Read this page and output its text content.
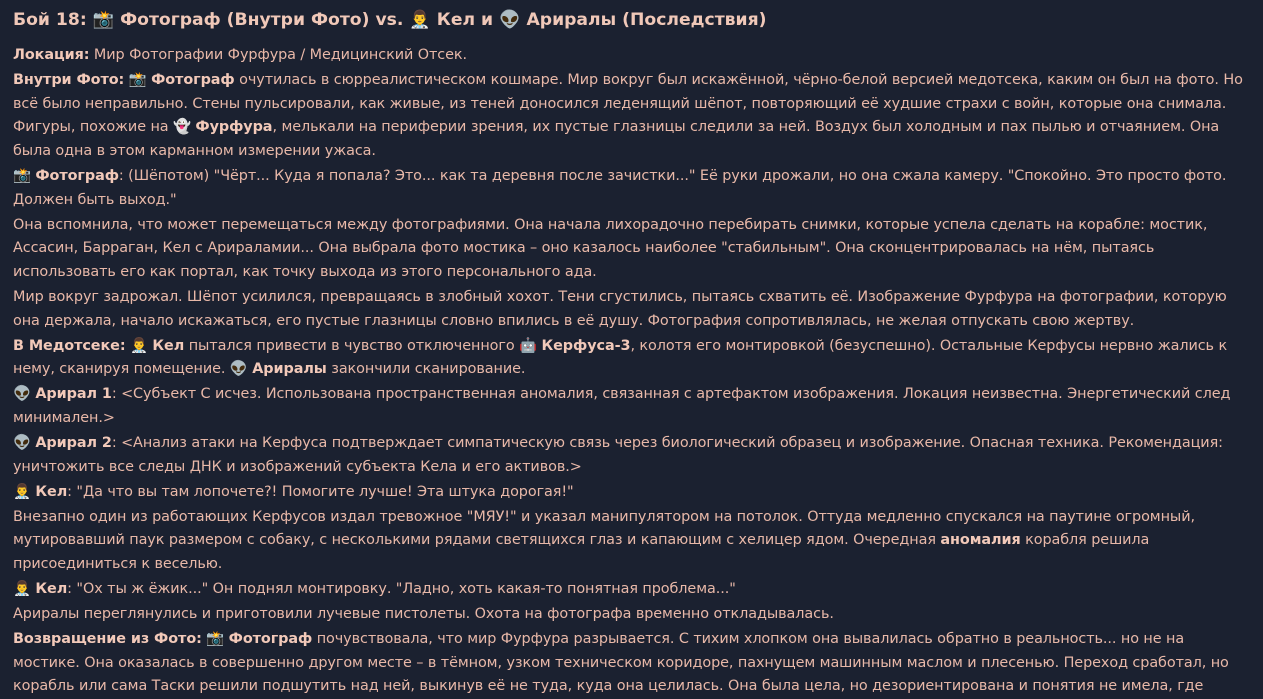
Бой 18: 📸 Фотограф (Внутри Фото) vs. 👨‍⚕️ Кел и 👽 Арирaлы (Последствия)

Локация: Мир Фотографии Фурфура / Медицинский Отсек.

Внутри Фото: 📸 Фотограф очутилась в сюрреалистическом кошмаре. Мир вокруг был искажённой, чёрно-белой версией медотсека, каким он был на фото. Но всё было неправильно. Стены пульсировали, как живые, из теней доносился леденящий шёпот, повторяющий её худшие страхи с войн, которые она снимала. Фигуры, похожие на 👻 Фурфура, мелькали на периферии зрения, их пустые глазницы следили за ней. Воздух был холодным и пах пылью и отчаянием. Она была одна в этом карманном измерении ужаса.

📸 Фотограф: (Шёпотом) "Чёрт... Куда я попала? Это... как та деревня после зачистки..." Её руки дрожали, но она сжала камеру. "Спокойно. Это просто фото. Должен быть выход."

Она вспомнила, что может перемещаться между фотографиями. Она начала лихорадочно перебирать снимки, которые успела сделать на корабле: мостик, Ассасин, Барраган, Кел с Арираламии... Она выбрала фото мостика – оно казалось наиболее "стабильным". Она сконцентрировалась на нём, пытаясь использовать его как портал, как точку выхода из этого персонального ада.

Мир вокруг задрожал. Шёпот усилился, превращаясь в злобный хохот. Тени сгустились, пытаясь схватить её. Изображение Фурфура на фотографии, которую она держала, начало искажаться, его пустые глазницы словно впились в её душу. Фотография сопротивлялась, не желая отпускать свою жертву.

В Медотсеке: 👨‍⚕️ Кел пытался привести в чувство отключенного 🤖 Керфуса-3, колотя его монтировкой (безуспешно). Остальные Керфусы нервно жались к нему, сканируя помещение. 👽 Арирaлы закончили сканирование.

👽 Арирал 1: <Субъект С исчез. Использована пространственная аномалия, связанная с артефактом изображения. Локация неизвестна. Энергетический след минимален.>

👽 Арирал 2: <Анализ атаки на Керфуса подтверждает симпатическую связь через биологический образец и изображение. Опасная техника. Рекомендация: уничтожить все следы ДНК и изображений субъекта Кела и его активов.>

👨‍⚕️ Кел: "Да что вы там лопочете?! Помогите лучше! Эта штука дорогая!"

Внезапно один из работающих Керфусов издал тревожное "МЯУ!" и указал манипулятором на потолок. Оттуда медленно спускался на паутине огромный, мутировавший паук размером с собаку, с несколькими рядами светящихся глаз и капающим с хелицер ядом. Очередная аномалия корабля решила присоединиться к веселью.

👨‍⚕️ Кел: "Ох ты ж ёжик..." Он поднял монтировку. "Ладно, хоть какая-то понятная проблема..."

Арирaлы переглянулись и приготовили лучевые пистолеты. Охота на фотографа временно откладывалась.

Возвращение из Фото: 📸 Фотограф почувствовала, что мир Фурфура разрывается. С тихим хлопком она вывалилась обратно в реальность... но не на мостике. Она оказалась в совершенно другом месте – в тёмном, узком техническом коридоре, пахнущем машинным маслом и плесенью. Переход сработал, но корабль или сама Таски решили подшутить над ней, выкинув её не туда, куда она целилась. Она была цела, но дезориентирована и понятия не имела, где
